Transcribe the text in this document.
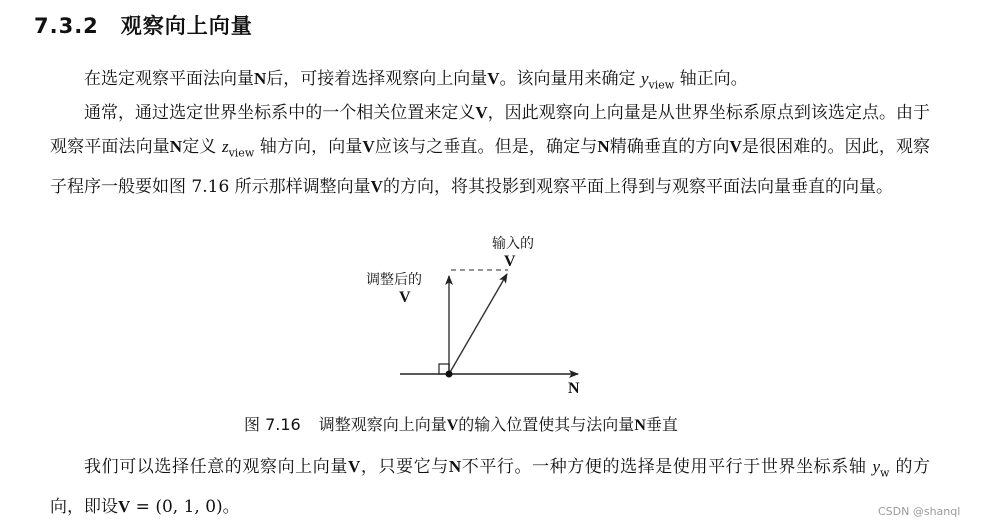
7.3.2 观察向上向量
在选定观察平面法向量N后，可接着选择观察向上向量V。该向量用来确定 $y_{view}$ 轴正向。
通常，通过选定世界坐标系中的一个相关位置来定义V，因此观察向上向量是从世界坐标系原点到该选定点。由于观察平面法向量N定义 $z_{view}$ 轴方向，向量V应该与之垂直。但是，确定与N精确垂直的方向V是很困难的。因此，观察子程序一般要如图 7.16 所示那样调整向量V的方向，将其投影到观察平面上得到与观察平面法向量垂直的向量。
输入的
V
调整后的
V
N
图 7.16 调整观察向上向量V的输入位置使其与法向量N垂直
我们可以选择任意的观察向上向量V，只要它与N不平行。一种方便的选择是使用平行于世界坐标系轴 $y_w$ 的方向，即设V = (0, 1, 0)。	CSDN @shanql
